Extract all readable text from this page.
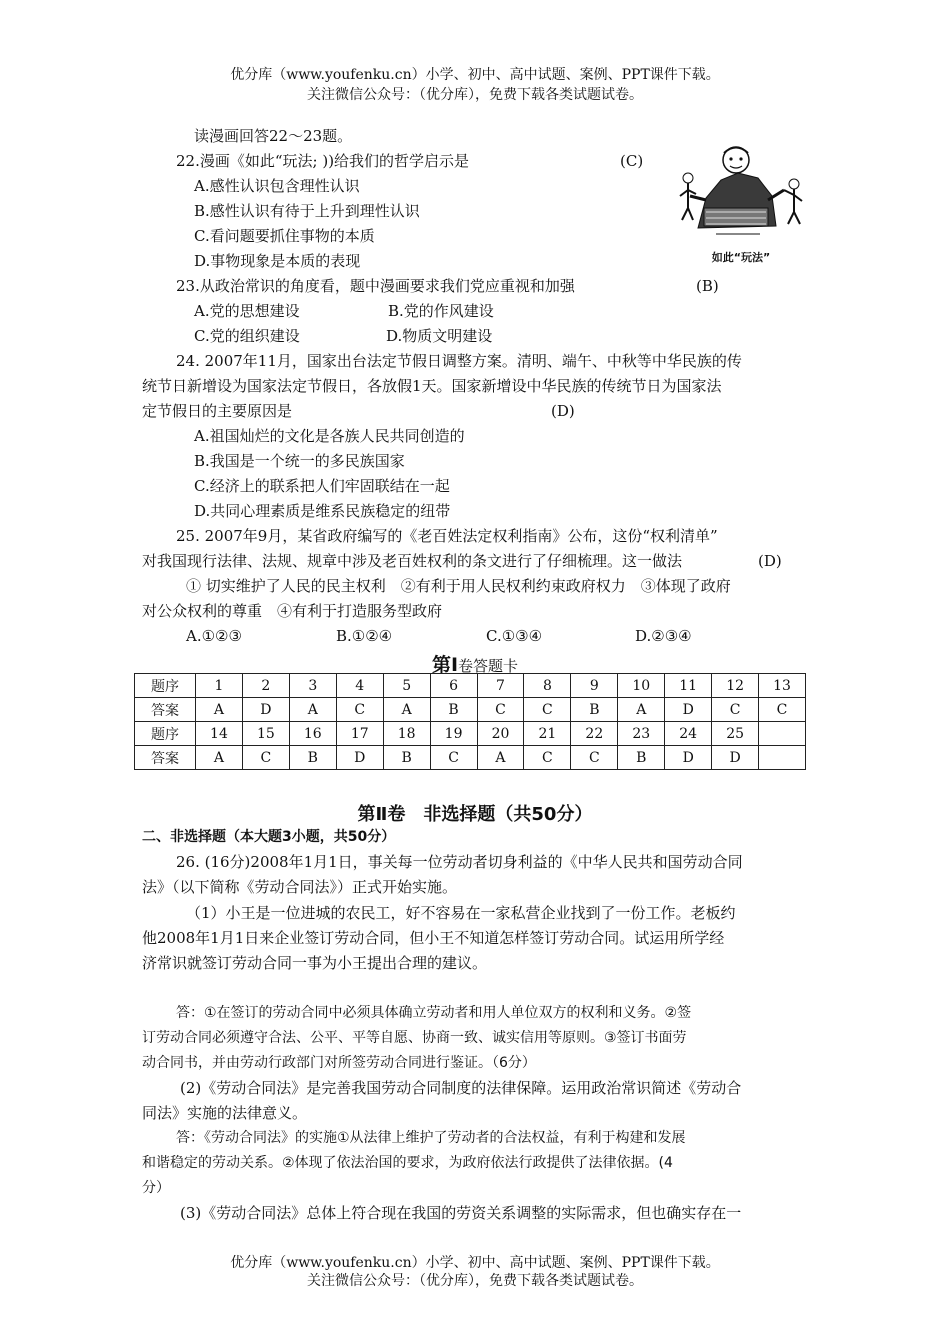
优分库（www.youfenku.cn）小学、初中、高中试题、案例、PPT课件下载。
关注微信公众号：（优分库），免费下载各类试题试卷。
读漫画回答22～23题。
22.漫画《如此“玩法; ))给我们的哲学启示是	(C)
A.感性认识包含理性认识
B.感性认识有待于上升到理性认识
C.看问题要抓住事物的本质
D.事物现象是本质的表现	如此“玩法”
23.从政治常识的角度看，题中漫画要求我们党应重视和加强	(B)
A.党的思想建设	B.党的作风建设
C.党的组织建设	D.物质文明建设
24. 2007年11月，国家出台法定节假日调整方案。清明、端午、中秋等中华民族的传
统节日新增设为国家法定节假日，各放假1天。国家新增设中华民族的传统节日为国家法
定节假日的主要原因是	(D)
A.祖国灿烂的文化是各族人民共同创造的
B.我国是一个统一的多民族国家
C.经济上的联系把人们牢固联结在一起
D.共同心理素质是维系民族稳定的纽带
25. 2007年9月，某省政府编写的《老百姓法定权利指南》公布，这份“权利清单”
对我国现行法律、法规、规章中涉及老百姓权利的条文进行了仔细梳理。这一做法	(D)
① 切实维护了人民的民主权利　②有利于用人民权利约束政府权力　③体现了政府
对公众权利的尊重　④有利于打造服务型政府
A.①②③	B.①②④	C.①③④	D.②③④
第Ⅰ卷答题卡
题序	1	2	3	4	5	6	7	8	9	10	11	12	13
答案	A	D	A	C	A	B	C	C	B	A	D	C	C
题序	14	15	16	17	18	19	20	21	22	23	24	25	
答案	A	C	B	D	B	C	A	C	C	B	D	D	
第Ⅱ卷　非选择题（共50分）
二、非选择题（本大题3小题，共50分）
26. (16分)2008年1月1日，事关每一位劳动者切身利益的《中华人民共和国劳动合同
法》（以下简称《劳动合同法》）正式开始实施。
（1）小王是一位进城的农民工，好不容易在一家私营企业找到了一份工作。老板约
他2008年1月1日来企业签订劳动合同，但小王不知道怎样签订劳动合同。试运用所学经
济常识就签订劳动合同一事为小王提出合理的建议。
答：①在签订的劳动合同中必须具体确立劳动者和用人单位双方的权利和义务。②签
订劳动合同必须遵守合法、公平、平等自愿、协商一致、诚实信用等原则。③签订书面劳
动合同书，并由劳动行政部门对所签劳动合同进行鉴证。（6分）
(2)《劳动合同法》是完善我国劳动合同制度的法律保障。运用政治常识简述《劳动合
同法》实施的法律意义。
答：《劳动合同法》的实施①从法律上维护了劳动者的合法权益，有利于构建和发展
和谐稳定的劳动关系。②体现了依法治国的要求，为政府依法行政提供了法律依据。(4
分）
(3)《劳动合同法》总体上符合现在我国的劳资关系调整的实际需求，但也确实存在一
优分库（www.youfenku.cn）小学、初中、高中试题、案例、PPT课件下载。
关注微信公众号：（优分库），免费下载各类试题试卷。
